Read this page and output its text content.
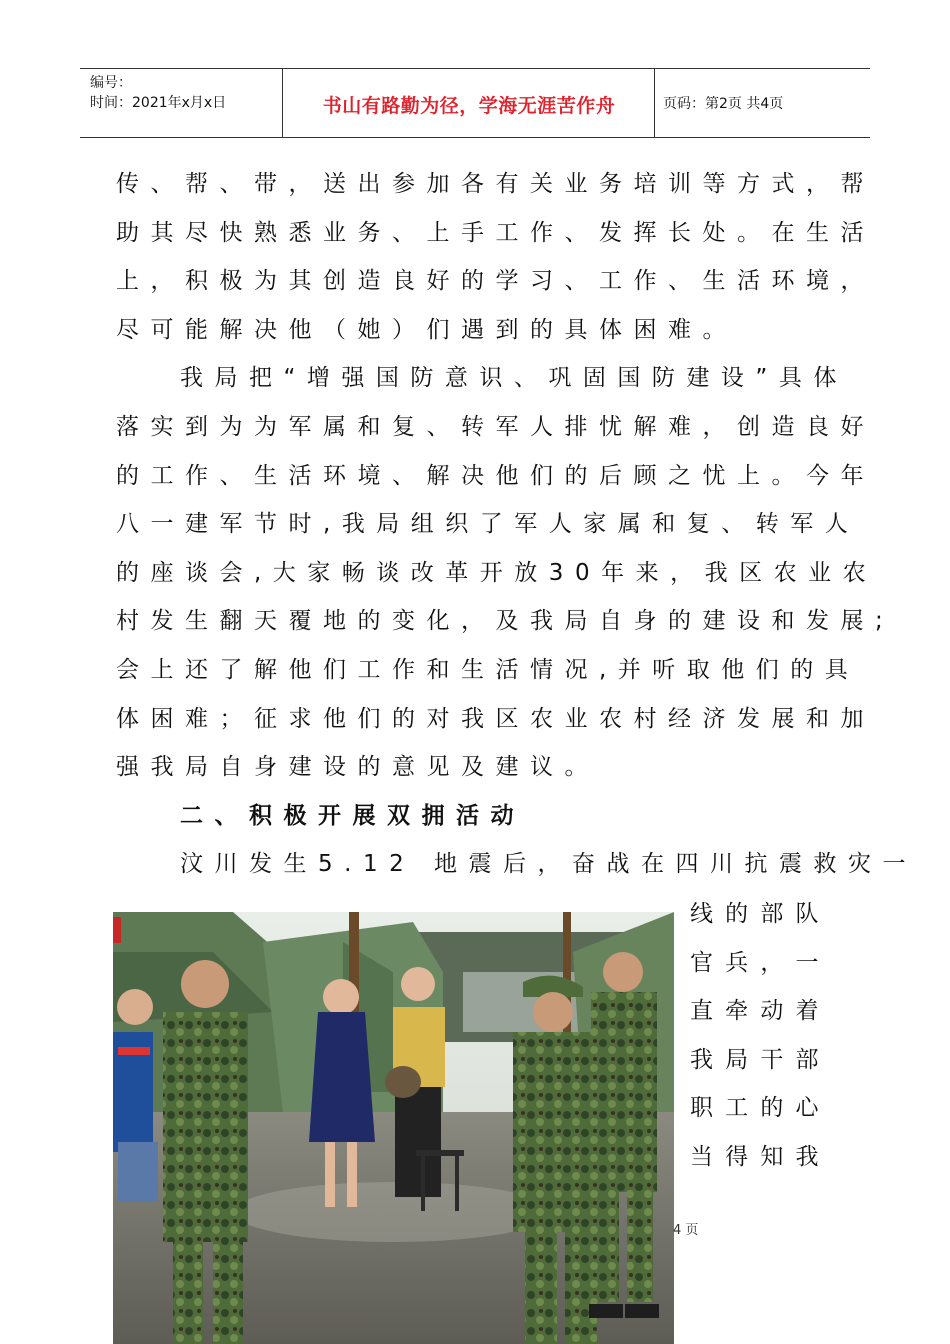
编号：
时间：2021年x月x日	书山有路勤为径，学海无涯苦作舟	页码：第2页 共4页
传、帮、带，送出参加各有关业务培训等方式，帮
助其尽快熟悉业务、上手工作、发挥长处。在生活
上，积极为其创造良好的学习、工作、生活环境，
尽可能解决他（她）们遇到的具体困难。
我局把“增强国防意识、巩固国防建设”具体
落实到为为军属和复、转军人排忧解难，创造良好
的工作、生活环境、解决他们的后顾之忧上。今年
八一建军节时,我局组织了军人家属和复、转军人
的座谈会,大家畅谈改革开放30年来，我区农业农
村发生翻天覆地的变化，及我局自身的建设和发展;
会上还了解他们工作和生活情况,并听取他们的具
体困难；征求他们的对我区农业农村经济发展和加
强我局自身建设的意见及建议。
二、积极开展双拥活动
汶川发生5.12 地震后，奋战在四川抗震救灾一
线的部队
官兵，一
直牵动着
我局干部
职工的心
当得知我
4 页
